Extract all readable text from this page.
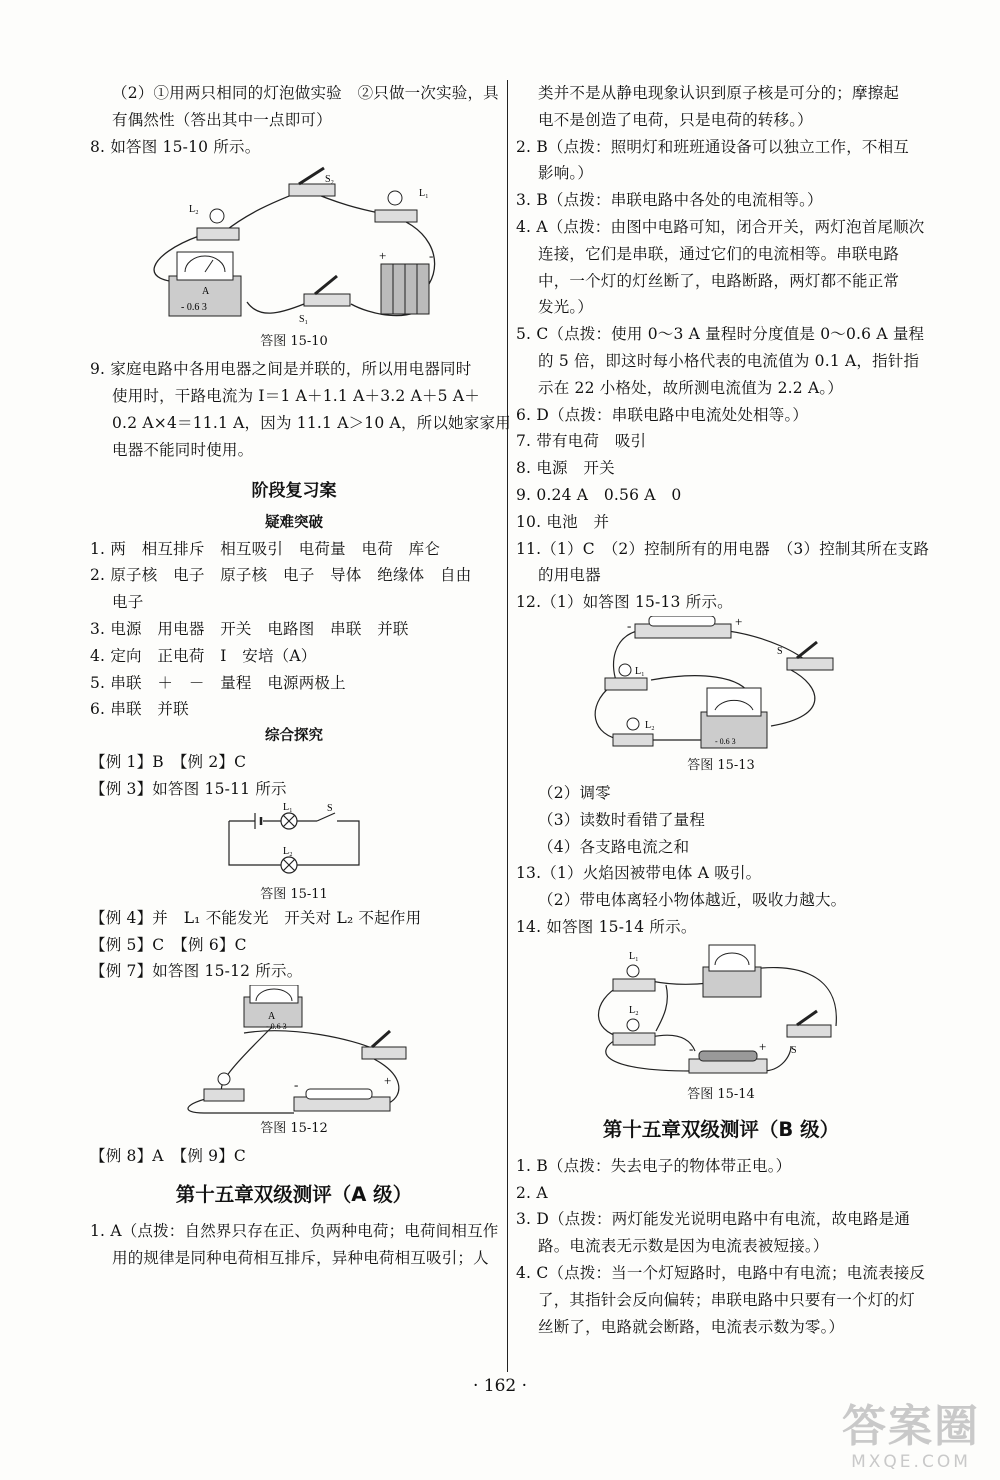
（2）①用两只相同的灯泡做实验　②只做一次实验，具
有偶然性（答出其中一点即可）
8. 如答图 15-10 所示。
L₂
S₂
L₁
S₁
A
- 0.6 3
+	-
答图 15-10
9. 家庭电路中各用电器之间是并联的，所以用电器同时
使用时，干路电流为 I＝1 A＋1.1 A＋3.2 A＋5 A＋
0.2 A×4＝11.1 A，因为 11.1 A＞10 A，所以她家家用
电器不能同时使用。
阶段复习案
疑难突破
1. 两　相互排斥　相互吸引　电荷量　电荷　库仑
2. 原子核　电子　原子核　电子　导体　绝缘体　自由
电子
3. 电源　用电器　开关　电路图　串联　并联
4. 定向　正电荷　I　安培（A）
5. 串联　＋　－　量程　电源两极上
6. 串联　并联
综合探究
【例 1】B　【例 2】C
【例 3】如答图 15-11 所示
L₁	S
L₂
答图 15-11
【例 4】并　L₁ 不能发光　开关对 L₂ 不起作用
【例 5】C　【例 6】C
【例 7】如答图 15-12 所示。
A
- 0.6 3
-	+
答图 15-12
【例 8】A　【例 9】C
第十五章双级测评（A 级）
1. A（点拨：自然界只存在正、负两种电荷；电荷间相互作
用的规律是同种电荷相互排斥，异种电荷相互吸引；人
类并不是从静电现象认识到原子核是可分的；摩擦起
电不是创造了电荷，只是电荷的转移。）
2. B（点拨：照明灯和班班通设备可以独立工作，不相互
影响。）
3. B（点拨：串联电路中各处的电流相等。）
4. A（点拨：由图中电路可知，闭合开关，两灯泡首尾顺次
连接，它们是串联，通过它们的电流相等。串联电路
中，一个灯的灯丝断了，电路断路，两灯都不能正常
发光。）
5. C（点拨：使用 0～3 A 量程时分度值是 0～0.6 A 量程
的 5 倍，即这时每小格代表的电流值为 0.1 A，指针指
示在 22 小格处，故所测电流值为 2.2 A。）
6. D（点拨：串联电路中电流处处相等。）
7. 带有电荷　吸引
8. 电源　开关
9. 0.24 A　0.56 A　0
10. 电池　并
11.（1）C　（2）控制所有的用电器　（3）控制其所在支路
的用电器
12.（1）如答图 15-13 所示。
-	+
S
L₁
L₂
- 0.6 3
答图 15-13
（2）调零
（3）读数时看错了量程
（4）各支路电流之和
13.（1）火焰因被带电体 A 吸引。
（2）带电体离轻小物体越近，吸收力越大。
14. 如答图 15-14 所示。
L₁
L₂
-	+ S
答图 15-14
第十五章双级测评（B 级）
1. B（点拨：失去电子的物体带正电。）
2. A
3. D（点拨：两灯能发光说明电路中有电流，故电路是通
路。电流表无示数是因为电流表被短接。）
4. C（点拨：当一个灯短路时，电路中有电流；电流表接反
了，其指针会反向偏转；串联电路中只要有一个灯的灯
丝断了，电路就会断路，电流表示数为零。）
· 162 ·
答案圈
MXQE.COM
